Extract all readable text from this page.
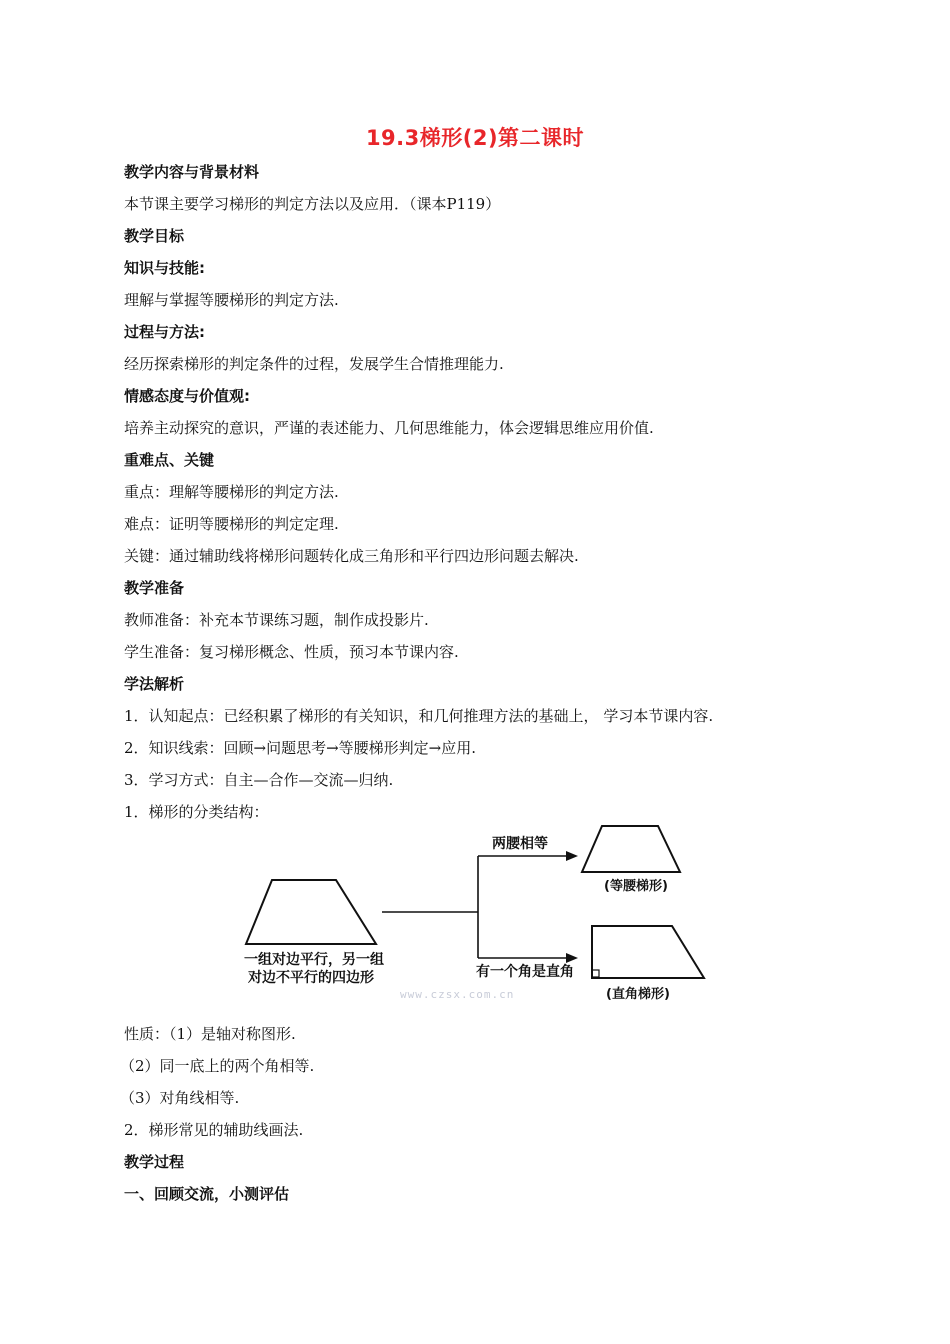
19.3梯形(2)第二课时
教学内容与背景材料
本节课主要学习梯形的判定方法以及应用．（课本P119）
教学目标
知识与技能:
理解与掌握等腰梯形的判定方法.
过程与方法:
经历探索梯形的判定条件的过程，发展学生合情推理能力.
情感态度与价值观:
培养主动探究的意识，严谨的表述能力、几何思维能力，体会逻辑思维应用价值.
重难点、关键
重点：理解等腰梯形的判定方法.
难点：证明等腰梯形的判定定理.
关键：通过辅助线将梯形问题转化成三角形和平行四边形问题去解决.
教学准备
教师准备：补充本节课练习题，制作成投影片.
学生准备：复习梯形概念、性质，预习本节课内容.
学法解析
1．认知起点：已经积累了梯形的有关知识，和几何推理方法的基础上， 学习本节课内容.
2．知识线索：回顾→问题思考→等腰梯形判定→应用.
3．学习方式：自主—合作—交流—归纳.
1．梯形的分类结构：
一组对边平行，另一组
对边不平行的四边形
两腰相等
有一个角是直角
(等腰梯形)
(直角梯形)
www.czsx.com.cn
性质：（1）是轴对称图形.
（2）同一底上的两个角相等.
（3）对角线相等.
2．梯形常见的辅助线画法.
教学过程
一、回顾交流，小测评估
